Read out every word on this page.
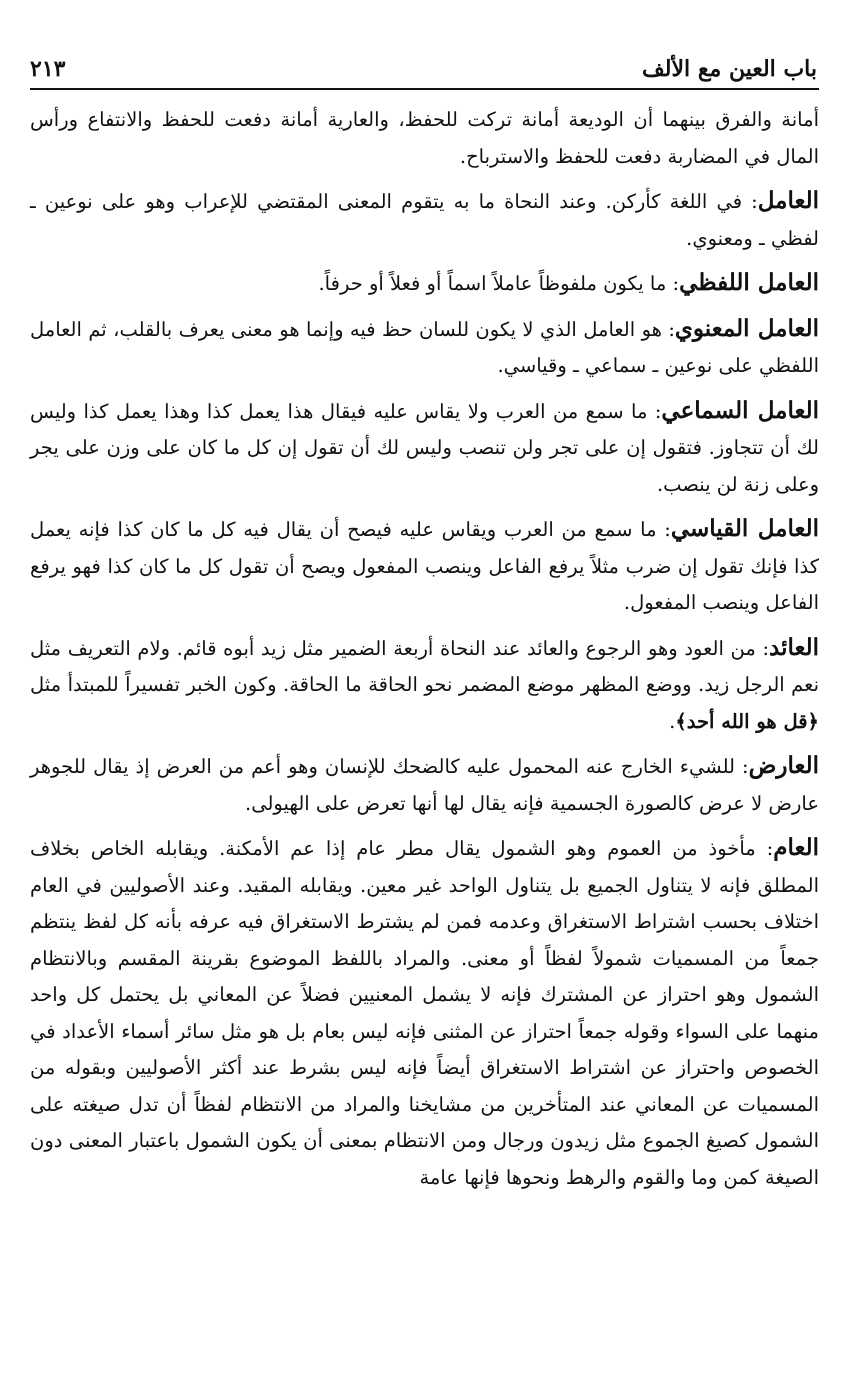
باب العين مع الألف
٢١٣

أمانة والفرق بينهما أن الوديعة أمانة تركت للحفظ، والعارية أمانة دفعت للحفظ والانتفاع ورأس المال في المضاربة دفعت للحفظ والاسترباح.

العامل: في اللغة كأركن. وعند النحاة ما به يتقوم المعنى المقتضي للإعراب وهو على نوعين ـ لفظي ـ ومعنوي.

العامل اللفظي: ما يكون ملفوظاً عاملاً اسماً أو فعلاً أو حرفاً.

العامل المعنوي: هو العامل الذي لا يكون للسان حظ فيه وإنما هو معنى يعرف بالقلب، ثم العامل اللفظي على نوعين ـ سماعي ـ وقياسي.

العامل السماعي: ما سمع من العرب ولا يقاس عليه فيقال هذا يعمل كذا وهذا يعمل كذا وليس لك أن تتجاوز. فتقول إن على تجر ولن تنصب وليس لك أن تقول إن كل ما كان على وزن على يجر وعلى زنة لن ينصب.

العامل القياسي: ما سمع من العرب ويقاس عليه فيصح أن يقال فيه كل ما كان كذا فإنه يعمل كذا فإنك تقول إن ضرب مثلاً يرفع الفاعل وينصب المفعول ويصح أن تقول كل ما كان كذا فهو يرفع الفاعل وينصب المفعول.

العائد: من العود وهو الرجوع والعائد عند النحاة أربعة الضمير مثل زيد أبوه قائم. ولام التعريف مثل نعم الرجل زيد. ووضع المظهر موضع المضمر نحو الحاقة ما الحاقة. وكون الخبر تفسيراً للمبتدأ مثل ﴿قل هو الله أحد﴾.

العارض: للشيء الخارج عنه المحمول عليه كالضحك للإنسان وهو أعم من العرض إذ يقال للجوهر عارض لا عرض كالصورة الجسمية فإنه يقال لها أنها تعرض على الهيولى.

العام: مأخوذ من العموم وهو الشمول يقال مطر عام إذا عم الأمكنة. ويقابله الخاص بخلاف المطلق فإنه لا يتناول الجميع بل يتناول الواحد غير معين. ويقابله المقيد. وعند الأصوليين في العام اختلاف بحسب اشتراط الاستغراق وعدمه فمن لم يشترط الاستغراق فيه عرفه بأنه كل لفظ ينتظم جمعاً من المسميات شمولاً لفظاً أو معنى. والمراد باللفظ الموضوع بقرينة المقسم وبالانتظام الشمول وهو احتراز عن المشترك فإنه لا يشمل المعنيين فضلاً عن المعاني بل يحتمل كل واحد منهما على السواء وقوله جمعاً احتراز عن المثنى فإنه ليس بعام بل هو مثل سائر أسماء الأعداد في الخصوص واحتراز عن اشتراط الاستغراق أيضاً فإنه ليس بشرط عند أكثر الأصوليين وبقوله من المسميات عن المعاني عند المتأخرين من مشايخنا والمراد من الانتظام لفظاً أن تدل صيغته على الشمول كصيغ الجموع مثل زيدون ورجال ومن الانتظام بمعنى أن يكون الشمول باعتبار المعنى دون الصيغة كمن وما والقوم والرهط ونحوها فإنها عامة
